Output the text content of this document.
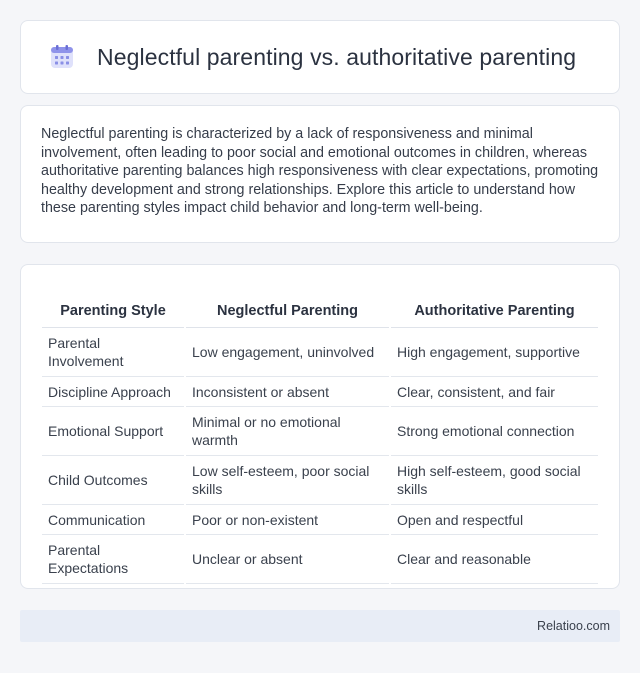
Neglectful parenting vs. authoritative parenting

Neglectful parenting is characterized by a lack of responsiveness and minimal involvement, often leading to poor social and emotional outcomes in children, whereas authoritative parenting balances high responsiveness with clear expectations, promoting healthy development and strong relationships. Explore this article to understand how these parenting styles impact child behavior and long-term well-being.

Parenting Style	Neglectful Parenting	Authoritative Parenting
Parental Involvement	Low engagement, uninvolved	High engagement, supportive
Discipline Approach	Inconsistent or absent	Clear, consistent, and fair
Emotional Support	Minimal or no emotional warmth	Strong emotional connection
Child Outcomes	Low self-esteem, poor social skills	High self-esteem, good social skills
Communication	Poor or non-existent	Open and respectful
Parental Expectations	Unclear or absent	Clear and reasonable
Relatioo.com
